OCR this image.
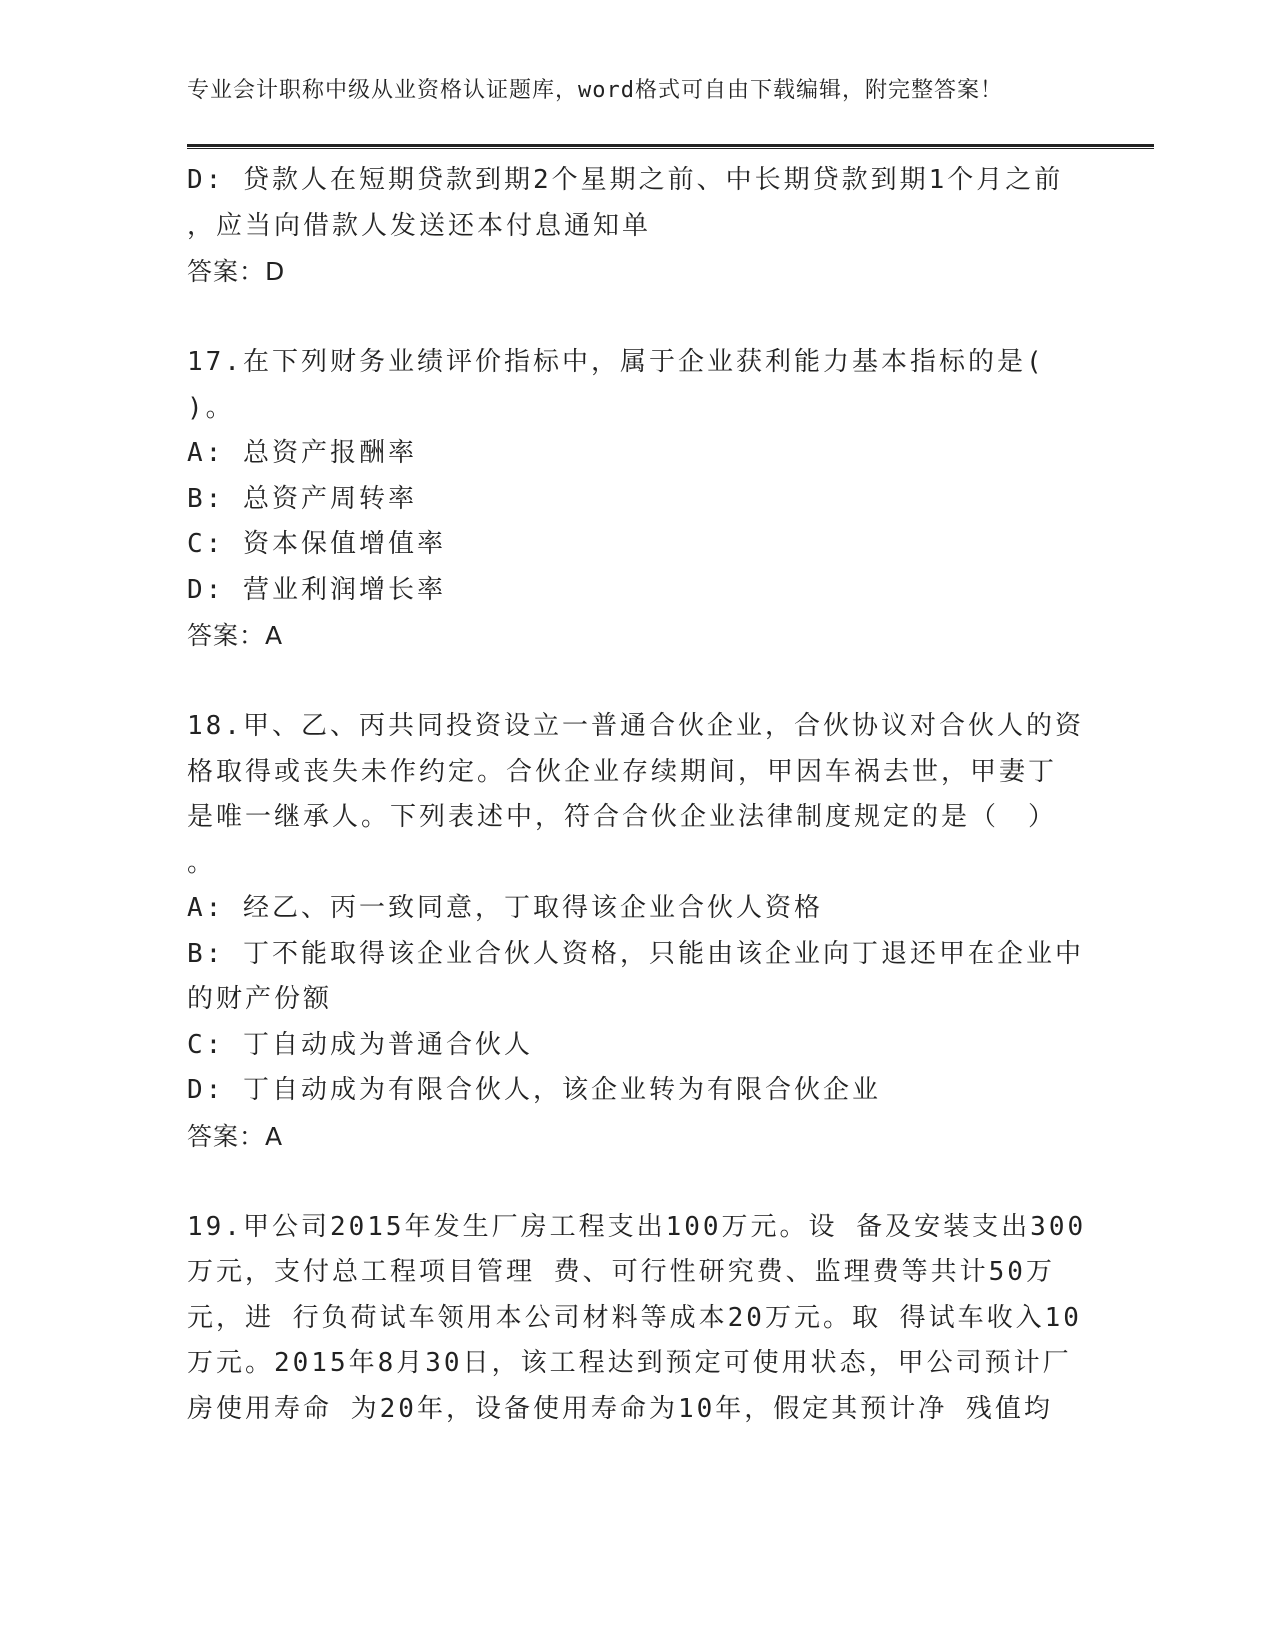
专业会计职称中级从业资格认证题库，word格式可自由下载编辑，附完整答案！
D: 贷款人在短期贷款到期2个星期之前、中长期贷款到期1个月之前
，应当向借款人发送还本付息通知单
答案：D
17.在下列财务业绩评价指标中，属于企业获利能力基本指标的是(
)。
A: 总资产报酬率
B: 总资产周转率
C: 资本保值增值率
D: 营业利润增长率
答案：A
18.甲、乙、丙共同投资设立一普通合伙企业，合伙协议对合伙人的资
格取得或丧失未作约定。合伙企业存续期间，甲因车祸去世，甲妻丁
是唯一继承人。下列表述中，符合合伙企业法律制度规定的是（　）
。
A: 经乙、丙一致同意，丁取得该企业合伙人资格
B: 丁不能取得该企业合伙人资格，只能由该企业向丁退还甲在企业中
的财产份额
C: 丁自动成为普通合伙人
D: 丁自动成为有限合伙人，该企业转为有限合伙企业
答案：A
19.甲公司2015年发生厂房工程支出100万元。设 备及安装支出300
万元，支付总工程项目管理 费、可行性研究费、监理费等共计50万
元，进 行负荷试车领用本公司材料等成本20万元。取 得试车收入10
万元。2015年8月30日，该工程达到预定可使用状态，甲公司预计厂
房使用寿命 为20年，设备使用寿命为10年，假定其预计净 残值均
